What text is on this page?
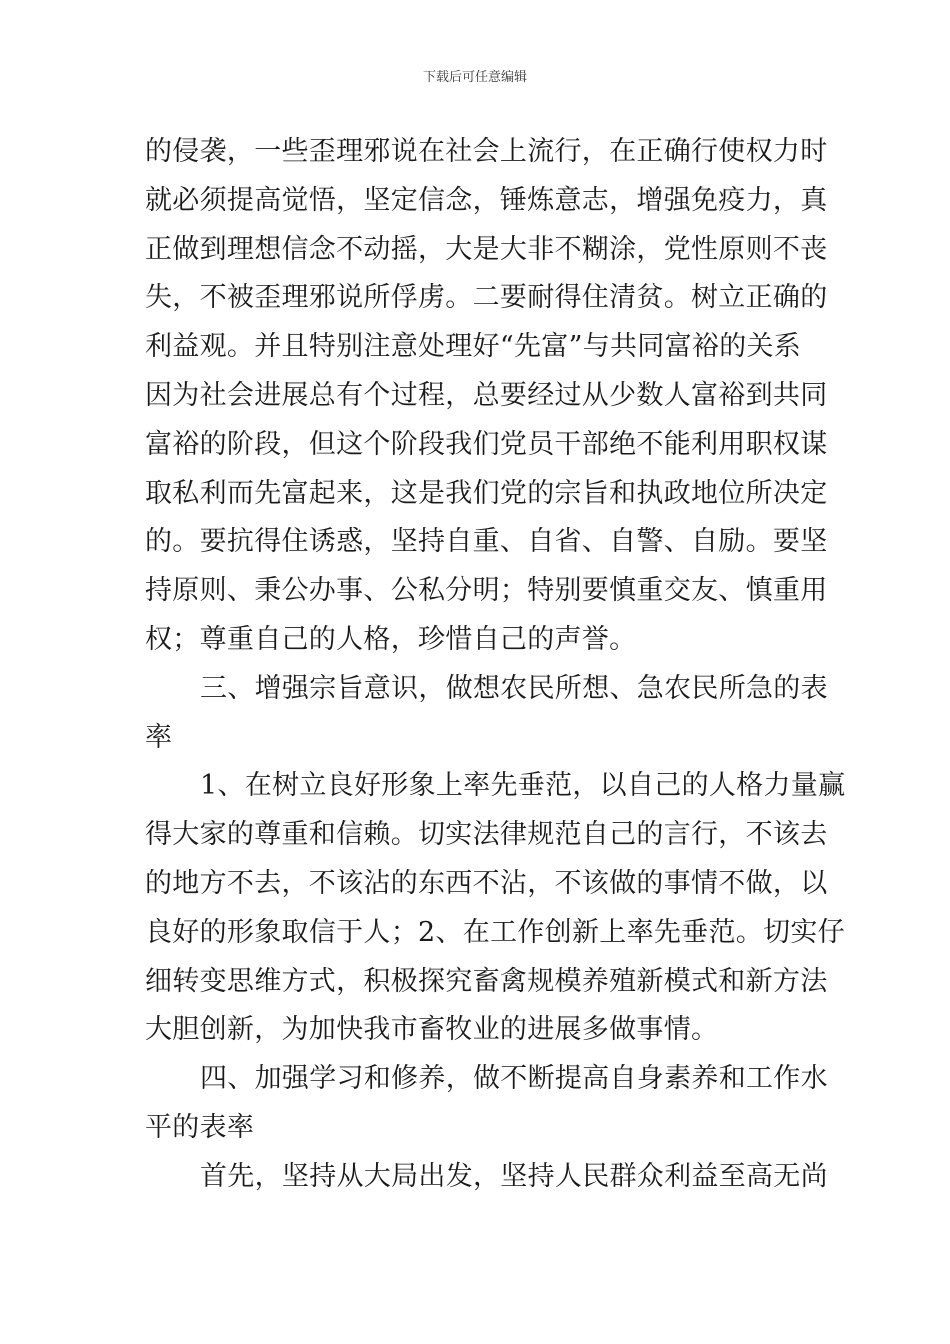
下载后可任意编辑

的侵袭，一些歪理邪说在社会上流行，在正确行使权力时
就必须提高觉悟，坚定信念，锤炼意志，增强免疫力，真
正做到理想信念不动摇，大是大非不糊涂，党性原则不丧
失，不被歪理邪说所俘虏。二要耐得住清贫。树立正确的
利益观。并且特别注意处理好“先富”与共同富裕的关系
因为社会进展总有个过程，总要经过从少数人富裕到共同
富裕的阶段，但这个阶段我们党员干部绝不能利用职权谋
取私利而先富起来，这是我们党的宗旨和执政地位所决定
的。要抗得住诱惑，坚持自重、自省、自警、自励。要坚
持原则、秉公办事、公私分明；特别要慎重交友、慎重用
权；尊重自己的人格，珍惜自己的声誉。

三、增强宗旨意识，做想农民所想、急农民所急的表
率

1、在树立良好形象上率先垂范，以自己的人格力量赢
得大家的尊重和信赖。切实法律规范自己的言行，不该去
的地方不去，不该沾的东西不沾，不该做的事情不做，以
良好的形象取信于人；2、在工作创新上率先垂范。切实仔
细转变思维方式，积极探究畜禽规模养殖新模式和新方法
大胆创新，为加快我市畜牧业的进展多做事情。

四、加强学习和修养，做不断提高自身素养和工作水
平的表率

首先，坚持从大局出发，坚持人民群众利益至高无尚
